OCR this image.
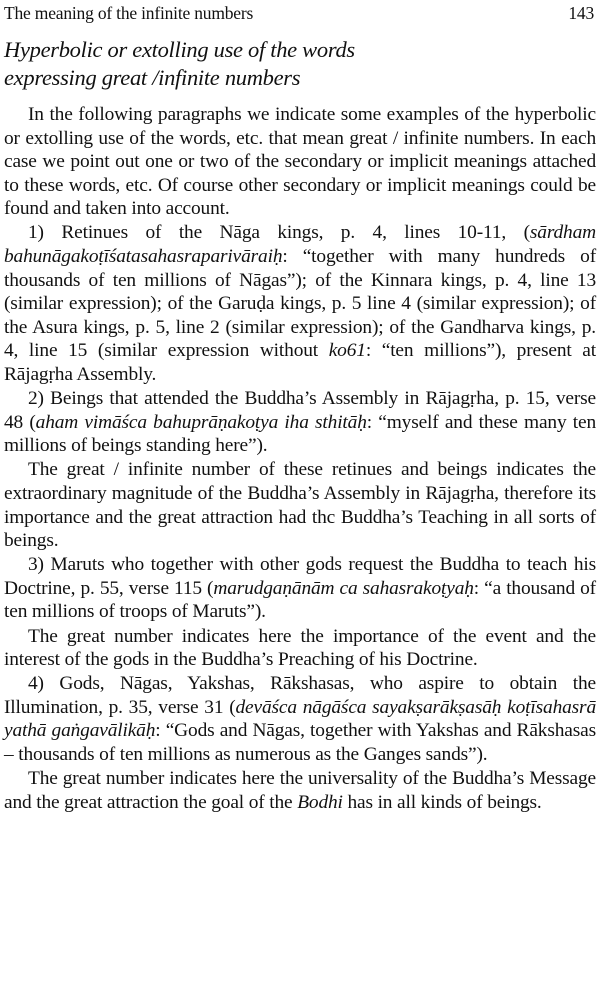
The meaning of the infinite numbers	143
Hyperbolic or extolling use of the words
expressing great /infinite numbers

In the following paragraphs we indicate some examples of the hyperbolic or extolling use of the words, etc. that mean great / infinite numbers. In each case we point out one or two of the secondary or implicit meanings attached to these words, etc. Of course other secondary or implicit meanings could be found and taken into account.

1) Retinues of the Nāga kings, p. 4, lines 10-11, (sārdham bahunāgakoṭīśatasahasraparivāraiḥ: “together with many hundreds of thousands of ten millions of Nāgas”); of the Kinnara kings, p. 4, line 13 (similar expression); of the Garuḍa kings, p. 5 line 4 (similar expression); of the Asura kings, p. 5, line 2 (similar expression); of the Gandharva kings, p. 4, line 15 (similar expression without ko61: “ten millions”), present at Rājagṛha Assembly.

2) Beings that attended the Buddha’s Assembly in Rājagṛha, p. 15, verse 48 (aham vimāśca bahuprāṇakoṭya iha sthitāḥ: “myself and these many ten millions of beings standing here”).

The great / infinite number of these retinues and beings indicates the extraordinary magnitude of the Buddha’s Assembly in Rājagṛha, therefore its importance and the great attraction had thc Buddha’s Teaching in all sorts of beings.

3) Maruts who together with other gods request the Buddha to teach his Doctrine, p. 55, verse 115 (marudgaṇānām ca sahasrakoṭyaḥ: “a thousand of ten millions of troops of Maruts”).

The great number indicates here the importance of the event and the interest of the gods in the Buddha’s Preaching of his Doctrine.

4) Gods, Nāgas, Yakshas, Rākshasas, who aspire to obtain the Illumination, p. 35, verse 31 (devāśca nāgāśca sayakṣarākṣasāḥ koṭīsahasrā yathā gaṅgavālikāḥ: “Gods and Nāgas, together with Yakshas and Rākshasas – thousands of ten millions as numerous as the Ganges sands”).

The great number indicates here the universality of the Buddha’s Message and the great attraction the goal of the Bodhi has in all kinds of beings.
